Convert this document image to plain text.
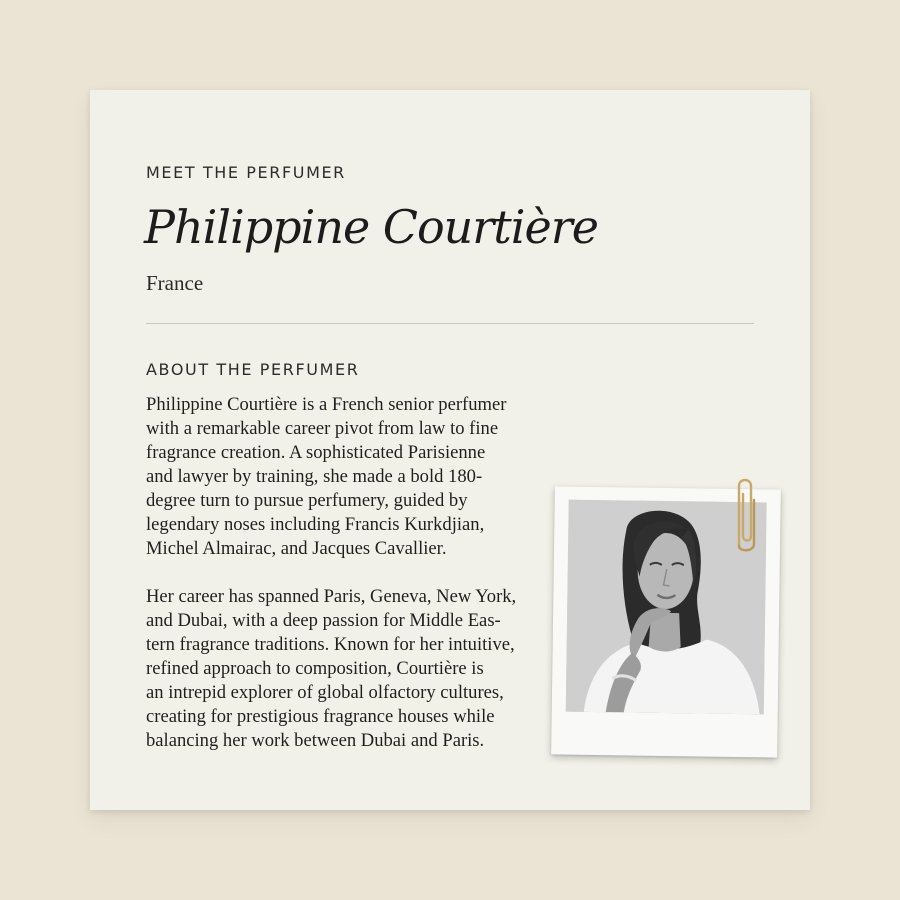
MEET THE PERFUMER
Philippine Courtière
France
ABOUT THE PERFUMER
Philippine Courtière is a French senior perfumer
with a remarkable career pivot from law to fine
fragrance creation. A sophisticated Parisienne
and lawyer by training, she made a bold 180-
degree turn to pursue perfumery, guided by
legendary noses including Francis Kurkdjian,
Michel Almairac, and Jacques Cavallier.
Her career has spanned Paris, Geneva, New York,
and Dubai, with a deep passion for Middle Eas-
tern fragrance traditions. Known for her intuitive,
refined approach to composition, Courtière is
an intrepid explorer of global olfactory cultures,
creating for prestigious fragrance houses while
balancing her work between Dubai and Paris.
